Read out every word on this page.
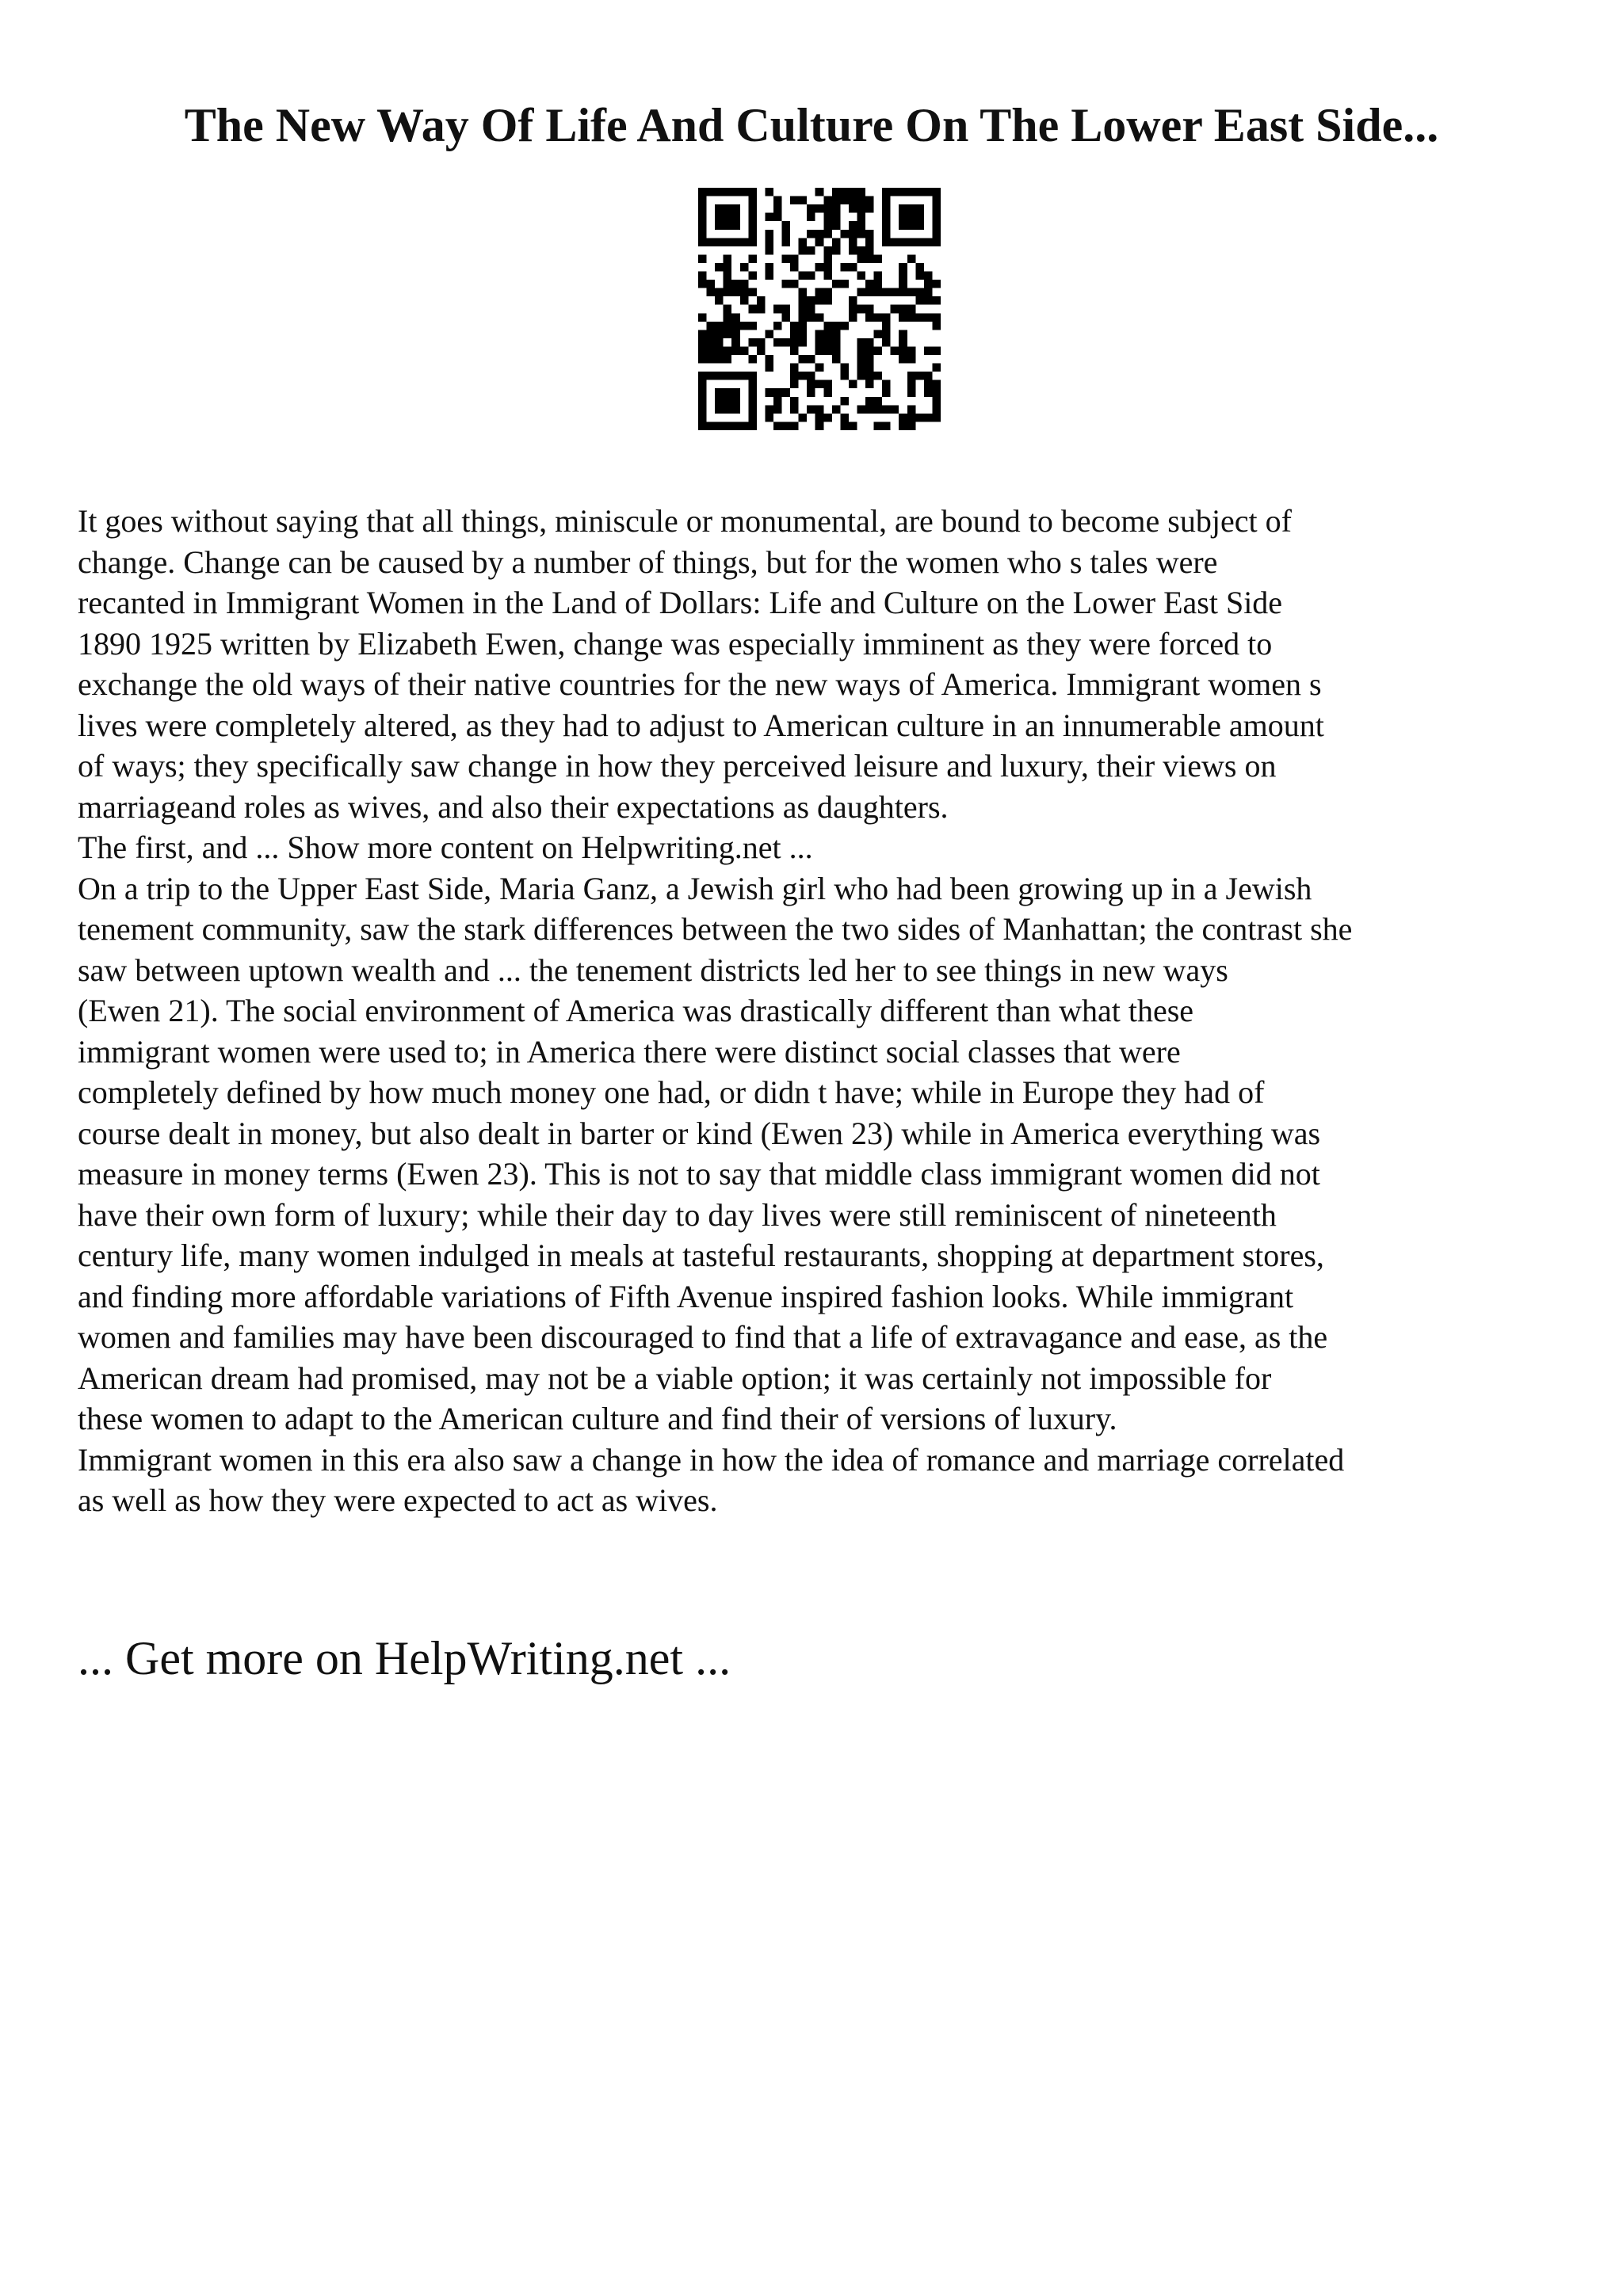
The New Way Of Life And Culture On The Lower East Side...

It goes without saying that all things, miniscule or monumental, are bound to become subject of
change. Change can be caused by a number of things, but for the women who s tales were
recanted in Immigrant Women in the Land of Dollars: Life and Culture on the Lower East Side
1890 1925 written by Elizabeth Ewen, change was especially imminent as they were forced to
exchange the old ways of their native countries for the new ways of America. Immigrant women s
lives were completely altered, as they had to adjust to American culture in an innumerable amount
of ways; they specifically saw change in how they perceived leisure and luxury, their views on
marriageand roles as wives, and also their expectations as daughters.

The first, and ... Show more content on Helpwriting.net ...

On a trip to the Upper East Side, Maria Ganz, a Jewish girl who had been growing up in a Jewish
tenement community, saw the stark differences between the two sides of Manhattan; the contrast she
saw between uptown wealth and ... the tenement districts led her to see things in new ways
(Ewen 21). The social environment of America was drastically different than what these
immigrant women were used to; in America there were distinct social classes that were
completely defined by how much money one had, or didn t have; while in Europe they had of
course dealt in money, but also dealt in barter or kind (Ewen 23) while in America everything was
measure in money terms (Ewen 23). This is not to say that middle class immigrant women did not
have their own form of luxury; while their day to day lives were still reminiscent of nineteenth
century life, many women indulged in meals at tasteful restaurants, shopping at department stores,
and finding more affordable variations of Fifth Avenue inspired fashion looks. While immigrant
women and families may have been discouraged to find that a life of extravagance and ease, as the
American dream had promised, may not be a viable option; it was certainly not impossible for
these women to adapt to the American culture and find their of versions of luxury.

Immigrant women in this era also saw a change in how the idea of romance and marriage correlated
as well as how they were expected to act as wives.

... Get more on HelpWriting.net ...
